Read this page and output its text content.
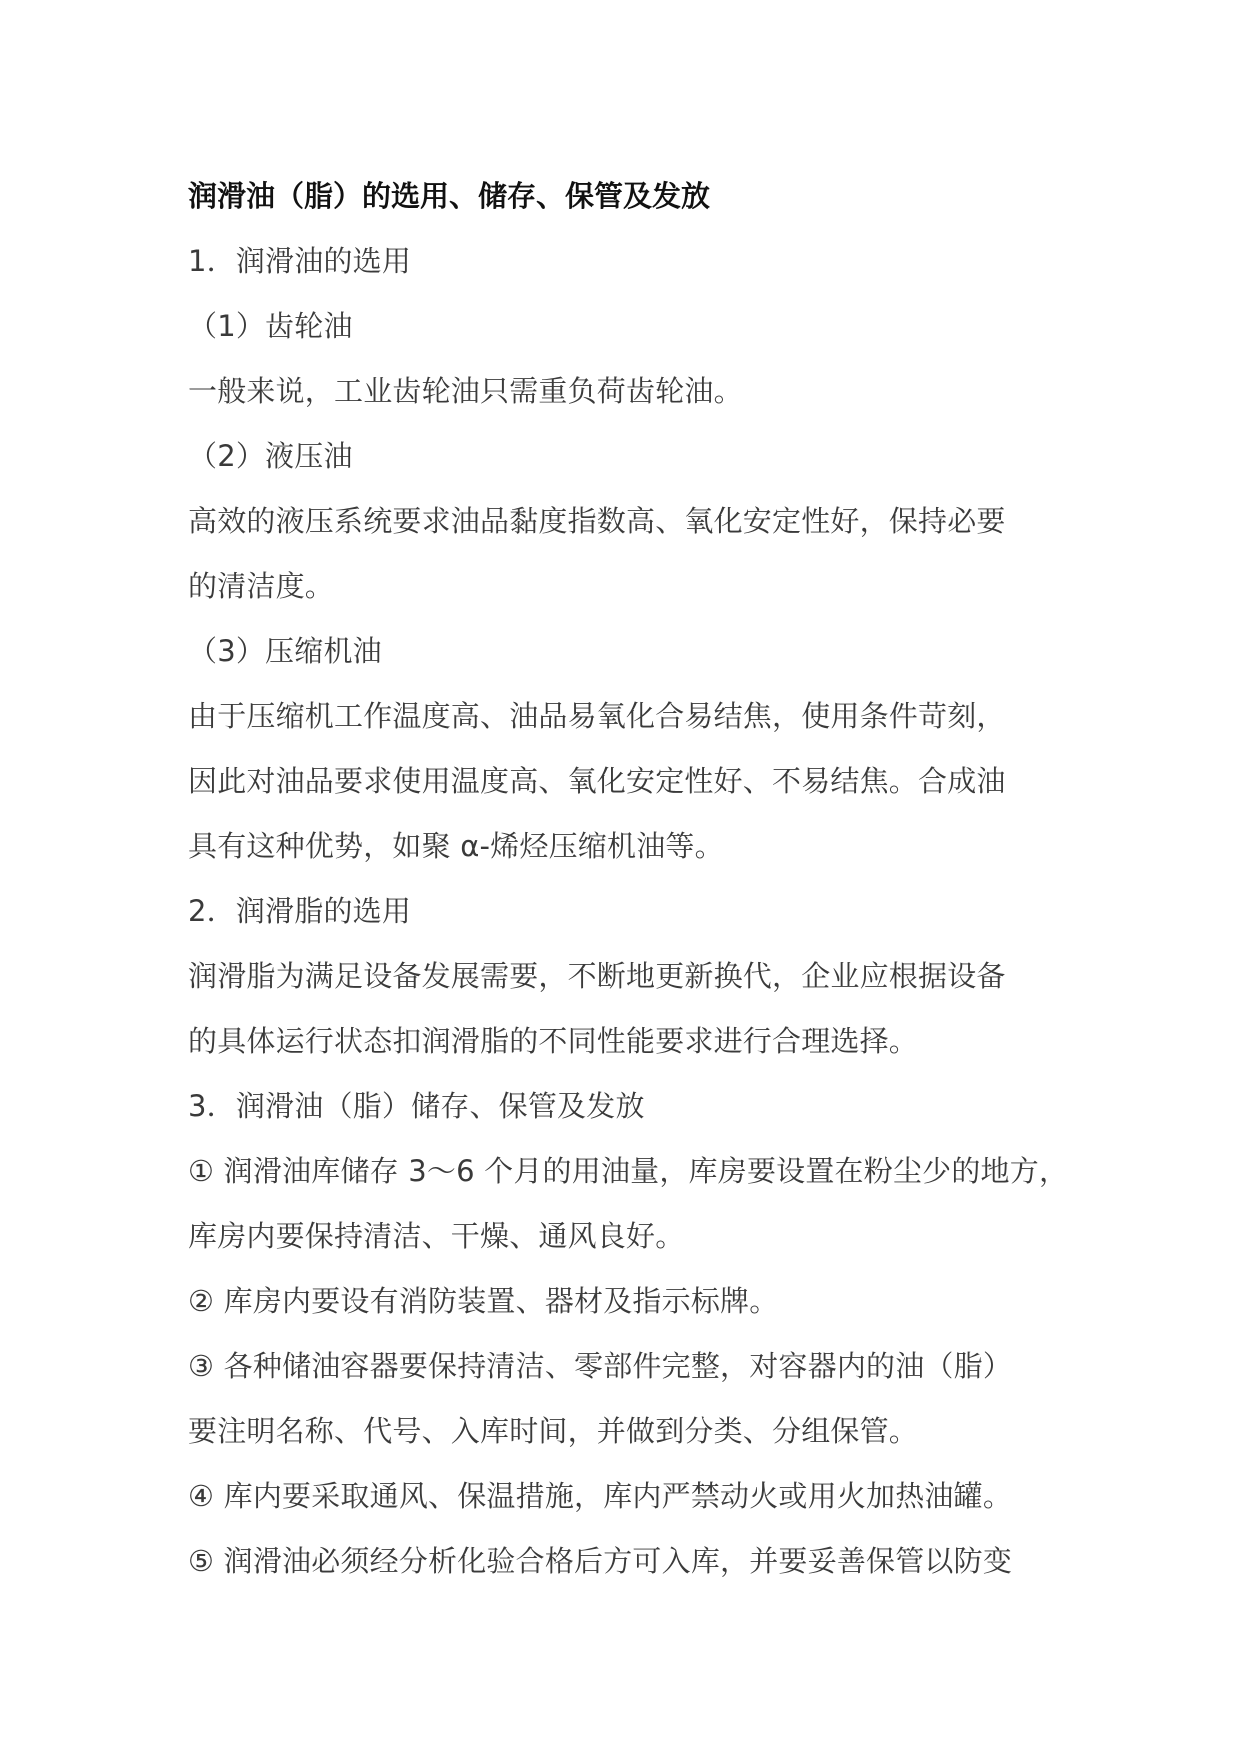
润滑油（脂）的选用、储存、保管及发放
1．润滑油的选用
（1）齿轮油
一般来说，工业齿轮油只需重负荷齿轮油。
（2）液压油
高效的液压系统要求油品黏度指数高、氧化安定性好，保持必要
的清洁度。
（3）压缩机油
由于压缩机工作温度高、油品易氧化合易结焦，使用条件苛刻，
因此对油品要求使用温度高、氧化安定性好、不易结焦。合成油
具有这种优势，如聚 α-烯烃压缩机油等。
2．润滑脂的选用
润滑脂为满足设备发展需要，不断地更新换代，企业应根据设备
的具体运行状态扣润滑脂的不同性能要求进行合理选择。
3．润滑油（脂）储存、保管及发放
① 润滑油库储存 3～6 个月的用油量，库房要设置在粉尘少的地方，
库房内要保持清洁、干燥、通风良好。
② 库房内要设有消防装置、器材及指示标牌。
③ 各种储油容器要保持清洁、零部件完整，对容器内的油（脂）
要注明名称、代号、入库时间，并做到分类、分组保管。
④ 库内要采取通风、保温措施，库内严禁动火或用火加热油罐。
⑤ 润滑油必须经分析化验合格后方可入库，并要妥善保管以防变
